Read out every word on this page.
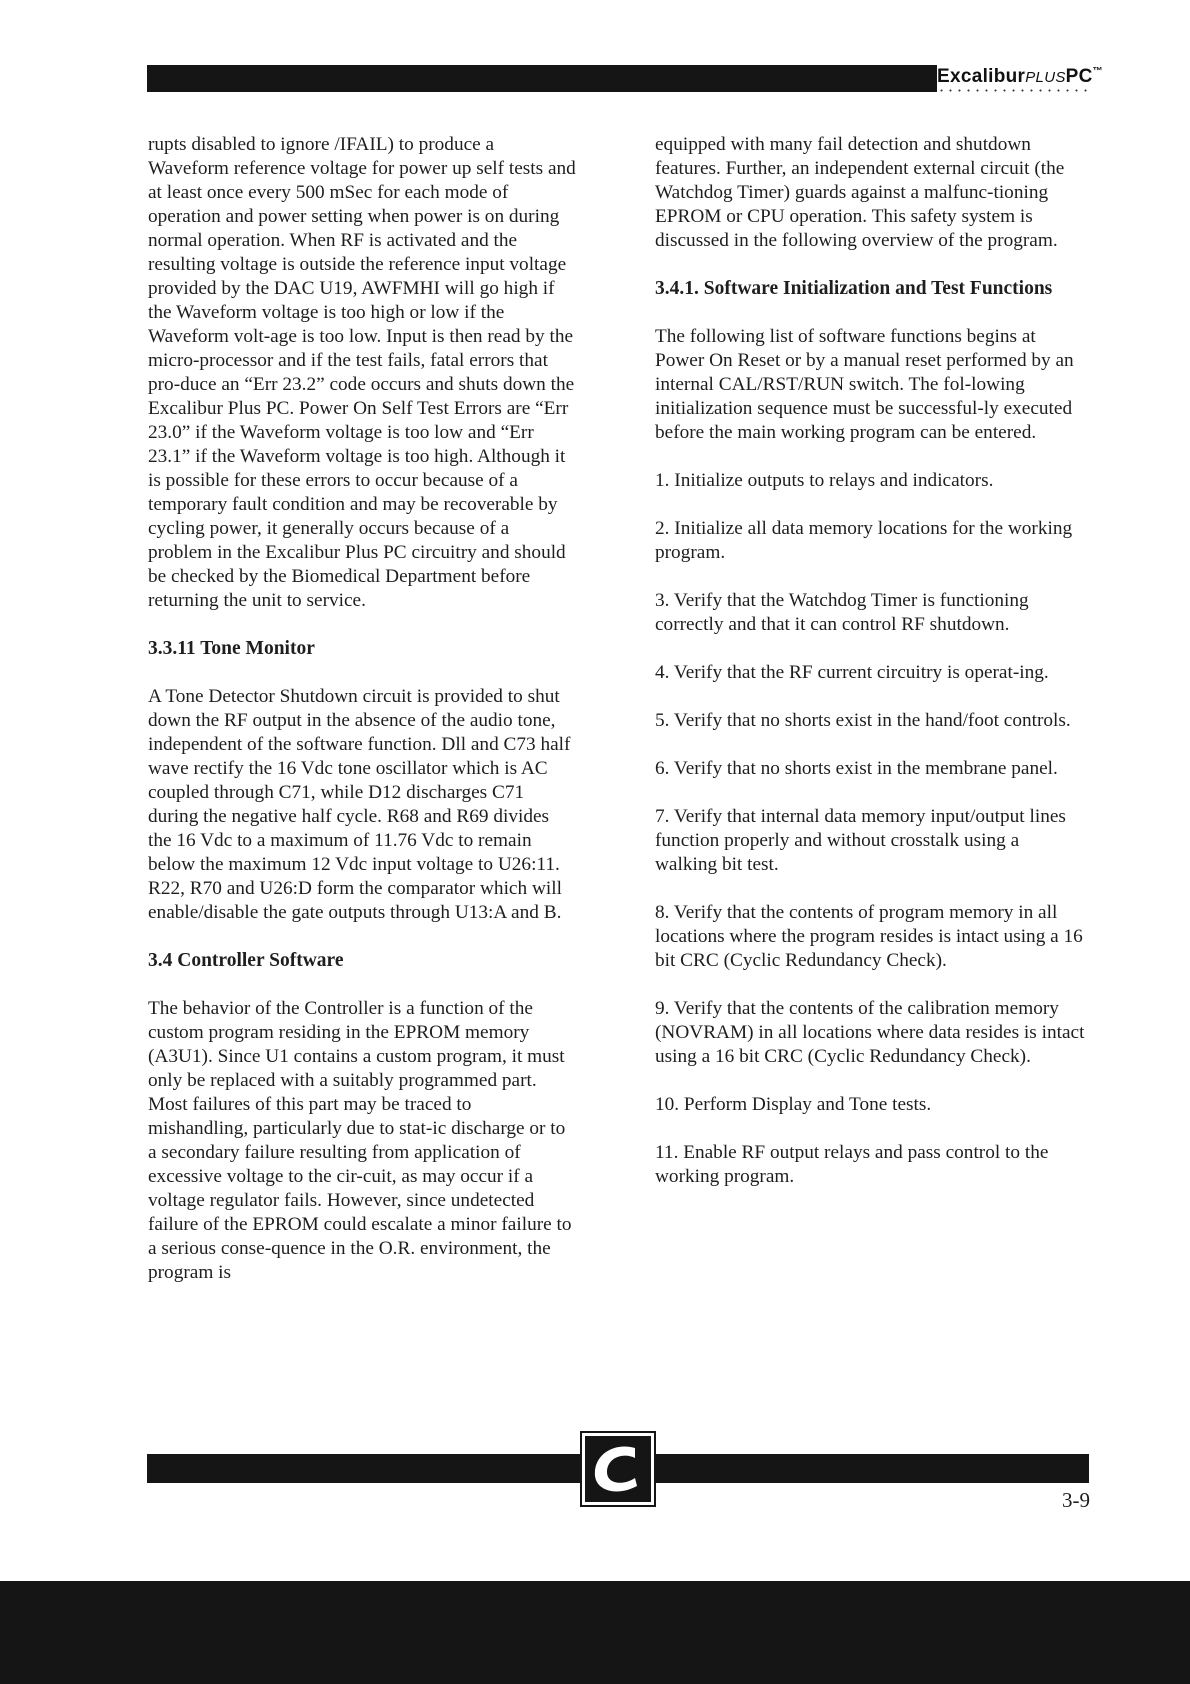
ExcaliburPLUSPC™

rupts disabled to ignore /IFAIL) to produce a Waveform reference voltage for power up self tests and at least once every 500 mSec for each mode of operation and power setting when power is on during normal operation. When RF is activated and the resulting voltage is outside the reference input voltage provided by the DAC U19, AWFMHI will go high if the Waveform voltage is too high or low if the Waveform volt-age is too low. Input is then read by the micro-processor and if the test fails, fatal errors that pro-duce an “Err 23.2” code occurs and shuts down the Excalibur Plus PC. Power On Self Test Errors are “Err 23.0” if the Waveform voltage is too low and “Err 23.1” if the Waveform voltage is too high. Although it is possible for these errors to occur because of a temporary fault condition and may be recoverable by cycling power, it generally occurs because of a problem in the Excalibur Plus PC circuitry and should be checked by the Biomedical Department before returning the unit to service.

3.3.11 Tone Monitor

A Tone Detector Shutdown circuit is provided to shut down the RF output in the absence of the audio tone, independent of the software function. Dll and C73 half wave rectify the 16 Vdc tone oscillator which is AC coupled through C71, while D12 discharges C71 during the negative half cycle. R68 and R69 divides the 16 Vdc to a maximum of 11.76 Vdc to remain below the maximum 12 Vdc input voltage to U26:11. R22, R70 and U26:D form the comparator which will enable/disable the gate outputs through U13:A and B.

3.4 Controller Software

The behavior of the Controller is a function of the custom program residing in the EPROM memory (A3U1). Since U1 contains a custom program, it must only be replaced with a suitably programmed part. Most failures of this part may be traced to mishandling, particularly due to stat-ic discharge or to a secondary failure resulting from application of excessive voltage to the cir-cuit, as may occur if a voltage regulator fails. However, since undetected failure of the EPROM could escalate a minor failure to a serious conse-quence in the O.R. environment, the program is

equipped with many fail detection and shutdown features. Further, an independent external circuit (the Watchdog Timer) guards against a malfunc-tioning EPROM or CPU operation. This safety system is discussed in the following overview of the program.

3.4.1. Software Initialization and Test Functions

The following list of software functions begins at Power On Reset or by a manual reset performed by an internal CAL/RST/RUN switch. The fol-lowing initialization sequence must be successful-ly executed before the main working program can be entered.

1. Initialize outputs to relays and indicators.

2. Initialize all data memory locations for the working program.

3. Verify that the Watchdog Timer is functioning correctly and that it can control RF shutdown.

4. Verify that the RF current circuitry is operat-ing.

5. Verify that no shorts exist in the hand/foot controls.

6. Verify that no shorts exist in the membrane panel.

7. Verify that internal data memory input/output lines function properly and without crosstalk using a walking bit test.

8. Verify that the contents of program memory in all locations where the program resides is intact using a 16 bit CRC (Cyclic Redundancy Check).

9. Verify that the contents of the calibration memory (NOVRAM) in all locations where data resides is intact using a 16 bit CRC (Cyclic Redundancy Check).

10. Perform Display and Tone tests.

11. Enable RF output relays and pass control to the working program.

3-9
